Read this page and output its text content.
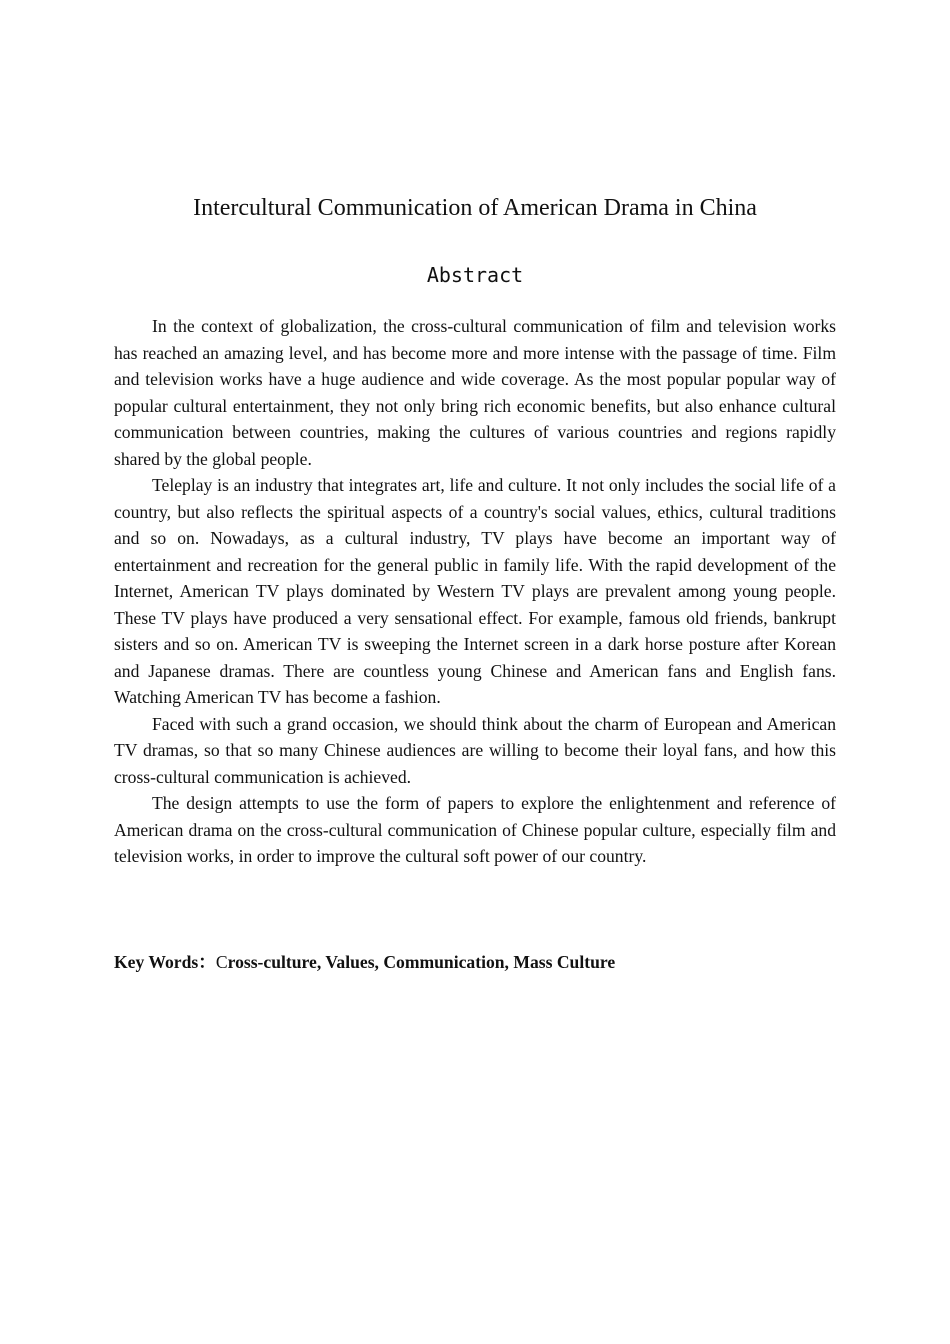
Intercultural Communication of American Drama in China
Abstract

In the context of globalization, the cross-cultural communication of film and television works has reached an amazing level, and has become more and more intense with the passage of time. Film and television works have a huge audience and wide coverage. As the most popular popular way of popular cultural entertainment, they not only bring rich economic benefits, but also enhance cultural communication between countries, making the cultures of various countries and regions rapidly shared by the global people.

Teleplay is an industry that integrates art, life and culture. It not only includes the social life of a country, but also reflects the spiritual aspects of a country's social values, ethics, cultural traditions and so on. Nowadays, as a cultural industry, TV plays have become an important way of entertainment and recreation for the general public in family life. With the rapid development of the Internet, American TV plays dominated by Western TV plays are prevalent among young people. These TV plays have produced a very sensational effect. For example, famous old friends, bankrupt sisters and so on. American TV is sweeping the Internet screen in a dark horse posture after Korean and Japanese dramas. There are countless young Chinese and American fans and English fans. Watching American TV has become a fashion.

Faced with such a grand occasion, we should think about the charm of European and American TV dramas, so that so many Chinese audiences are willing to become their loyal fans, and how this cross-cultural communication is achieved.

The design attempts to use the form of papers to explore the enlightenment and reference of American drama on the cross-cultural communication of Chinese popular culture, especially film and television works, in order to improve the cultural soft power of our country.

Key Words：Cross-culture, Values, Communication, Mass Culture
